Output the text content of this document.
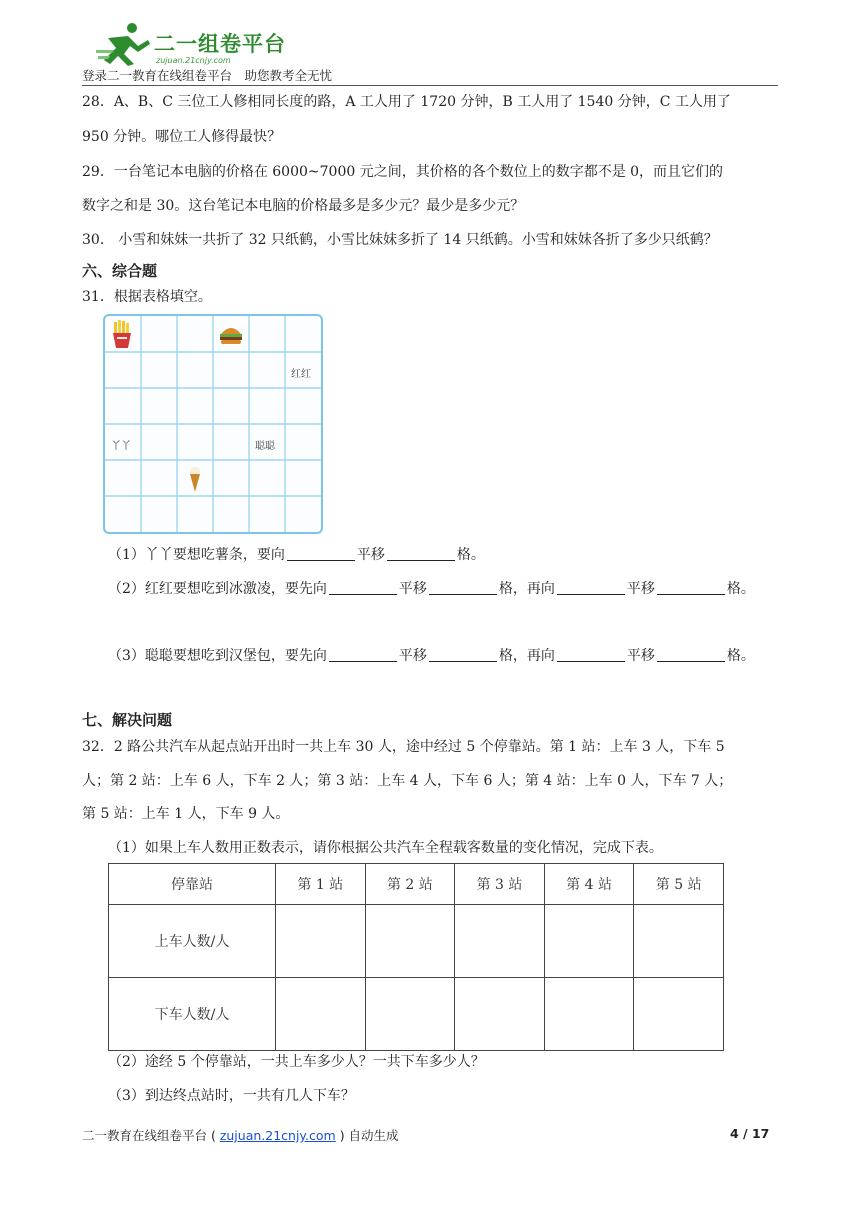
二一组卷平台
zujuan.21cnjy.com
登录二一教育在线组卷平台　助您教考全无忧
28．A、B、C 三位工人修相同长度的路，A 工人用了 1720 分钟，B 工人用了 1540 分钟，C 工人用了
950 分钟。哪位工人修得最快？
29．一台笔记本电脑的价格在 6000~7000 元之间，其价格的各个数位上的数字都不是 0，而且它们的
数字之和是 30。这台笔记本电脑的价格最多是多少元？最少是多少元？
30． 小雪和妹妹一共折了 32 只纸鹤，小雪比妹妹多折了 14 只纸鹤。小雪和妹妹各折了多少只纸鹤？
六、综合题
31．根据表格填空。
红红
丫丫	聪聪
（1）丫丫要想吃薯条，要向	平移	格。
（2）红红要想吃到冰激凌，要先向	平移	格，再向	平移	格。
（3）聪聪要想吃到汉堡包，要先向	平移	格，再向	平移	格。
七、解决问题
32．2 路公共汽车从起点站开出时一共上车 30 人，途中经过 5 个停靠站。第 1 站：上车 3 人，下车 5
人；第 2 站：上车 6 人，下车 2 人；第 3 站：上车 4 人，下车 6 人；第 4 站：上车 0 人，下车 7 人；
第 5 站：上车 1 人，下车 9 人。
（1）如果上车人数用正数表示，请你根据公共汽车全程载客数量的变化情况，完成下表。
停靠站	第 1 站	第 2 站	第 3 站	第 4 站	第 5 站
上车人数/人					
下车人数/人					
（2）途经 5 个停靠站，一共上车多少人？一共下车多少人？
（3）到达终点站时，一共有几人下车？
二一教育在线组卷平台 ( zujuan.21cnjy.com ) 自动生成	4 / 17
